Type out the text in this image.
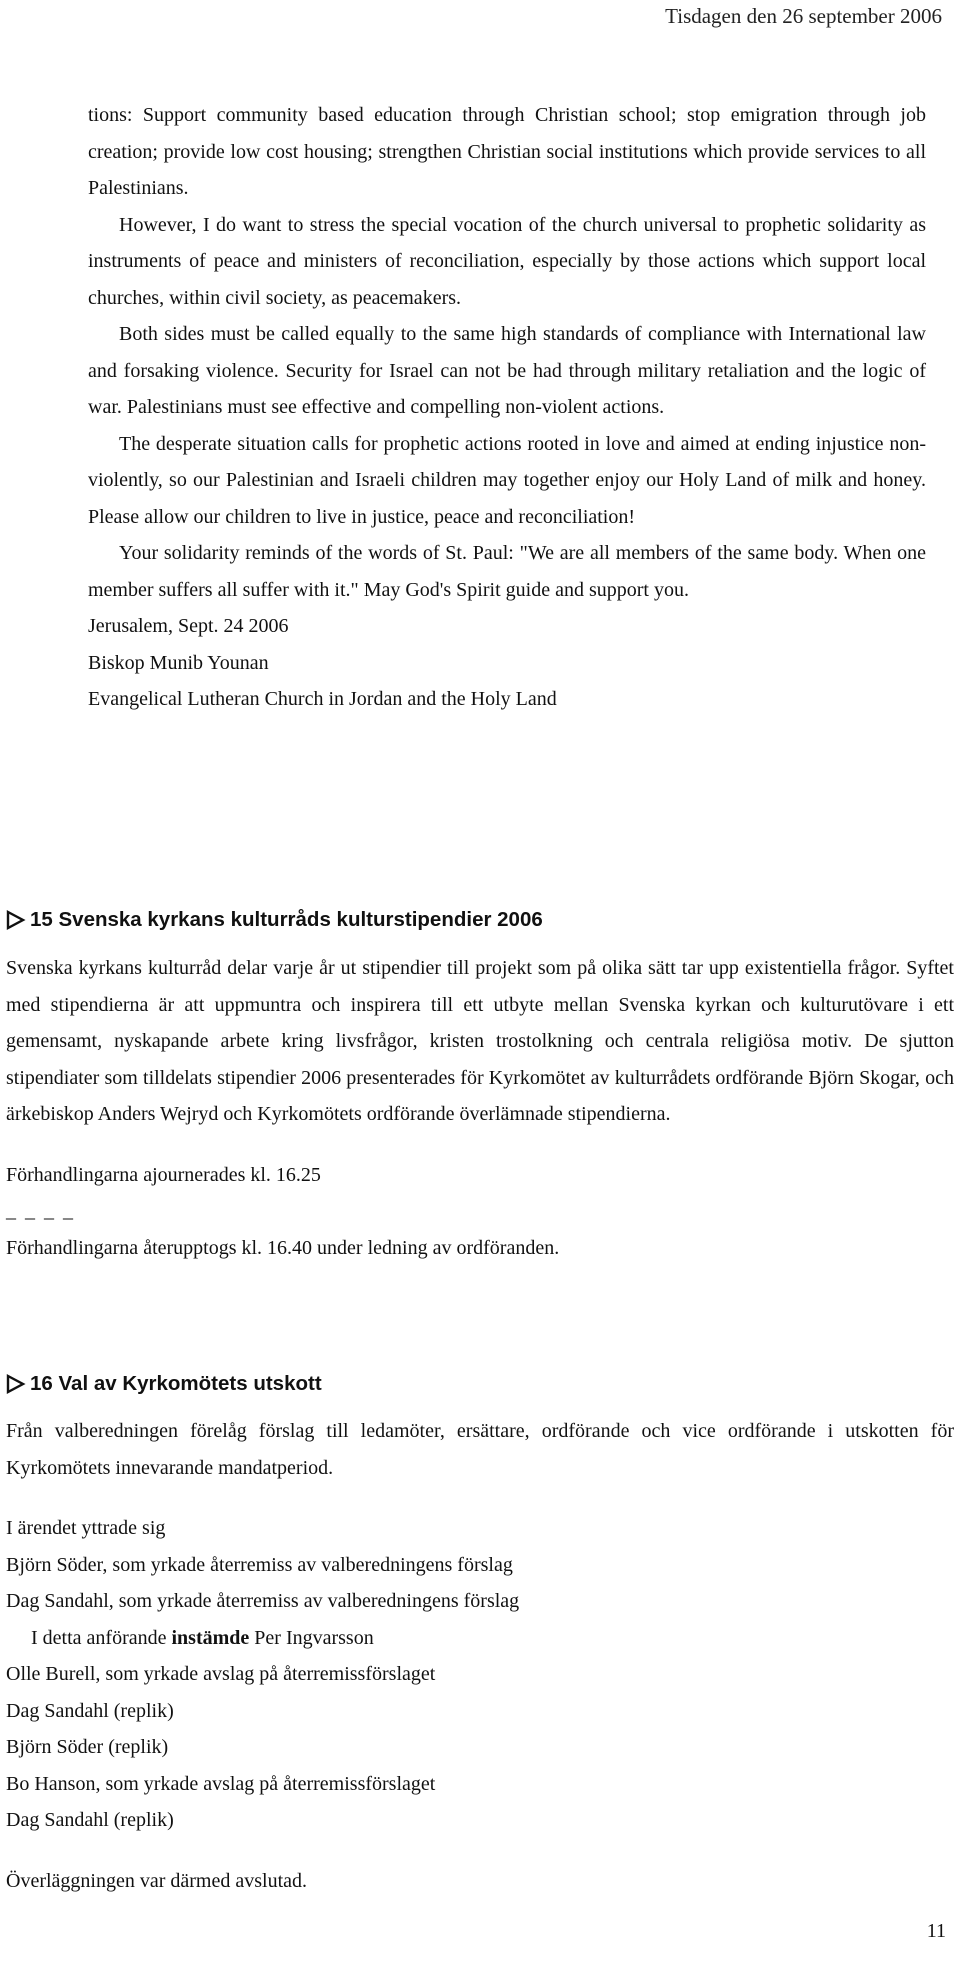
Tisdagen den 26 september 2006

tions: Support community based education through Christian school; stop emigration through job creation; provide low cost housing; strengthen Christian social institutions which provide services to all Palestinians.

However, I do want to stress the special vocation of the church universal to prophetic solidarity as instruments of peace and ministers of reconciliation, especially by those actions which support local churches, within civil society, as peacemakers.

Both sides must be called equally to the same high standards of compliance with International law and forsaking violence. Security for Israel can not be had through military retaliation and the logic of war. Palestinians must see effective and compelling non-violent actions.

The desperate situation calls for prophetic actions rooted in love and aimed at ending injustice non-violently, so our Palestinian and Israeli children may together enjoy our Holy Land of milk and honey. Please allow our children to live in justice, peace and reconciliation!

Your solidarity reminds of the words of St. Paul: "We are all members of the same body. When one member suffers all suffer with it." May God's Spirit guide and support you.

Jerusalem, Sept. 24 2006

Biskop Munib Younan

Evangelical Lutheran Church in Jordan and the Holy Land

15 Svenska kyrkans kulturråds kulturstipendier 2006

Svenska kyrkans kulturråd delar varje år ut stipendier till projekt som på olika sätt tar upp existentiella frågor. Syftet med stipendierna är att uppmuntra och inspirera till ett utbyte mellan Svenska kyrkan och kulturutövare i ett gemensamt, nyskapande arbete kring livsfrågor, kristen trostolkning och centrala religiösa motiv. De sjutton stipendiater som tilldelats stipendier 2006 presenterades för Kyrkomötet av kulturrådets ordförande Björn Skogar, och ärkebiskop Anders Wejryd och Kyrkomötets ordförande överlämnade stipendierna.

Förhandlingarna ajournerades kl. 16.25

_ _ _ _

Förhandlingarna återupptogs kl. 16.40 under ledning av ordföranden.

16 Val av Kyrkomötets utskott

Från valberedningen förelåg förslag till ledamöter, ersättare, ordförande och vice ordförande i utskotten för Kyrkomötets innevarande mandatperiod.

I ärendet yttrade sig

Björn Söder, som yrkade återremiss av valberedningens förslag

Dag Sandahl, som yrkade återremiss av valberedningens förslag

I detta anförande instämde Per Ingvarsson

Olle Burell, som yrkade avslag på återremissförslaget

Dag Sandahl (replik)

Björn Söder (replik)

Bo Hanson, som yrkade avslag på återremissförslaget

Dag Sandahl (replik)

Överläggningen var därmed avslutad.

11
